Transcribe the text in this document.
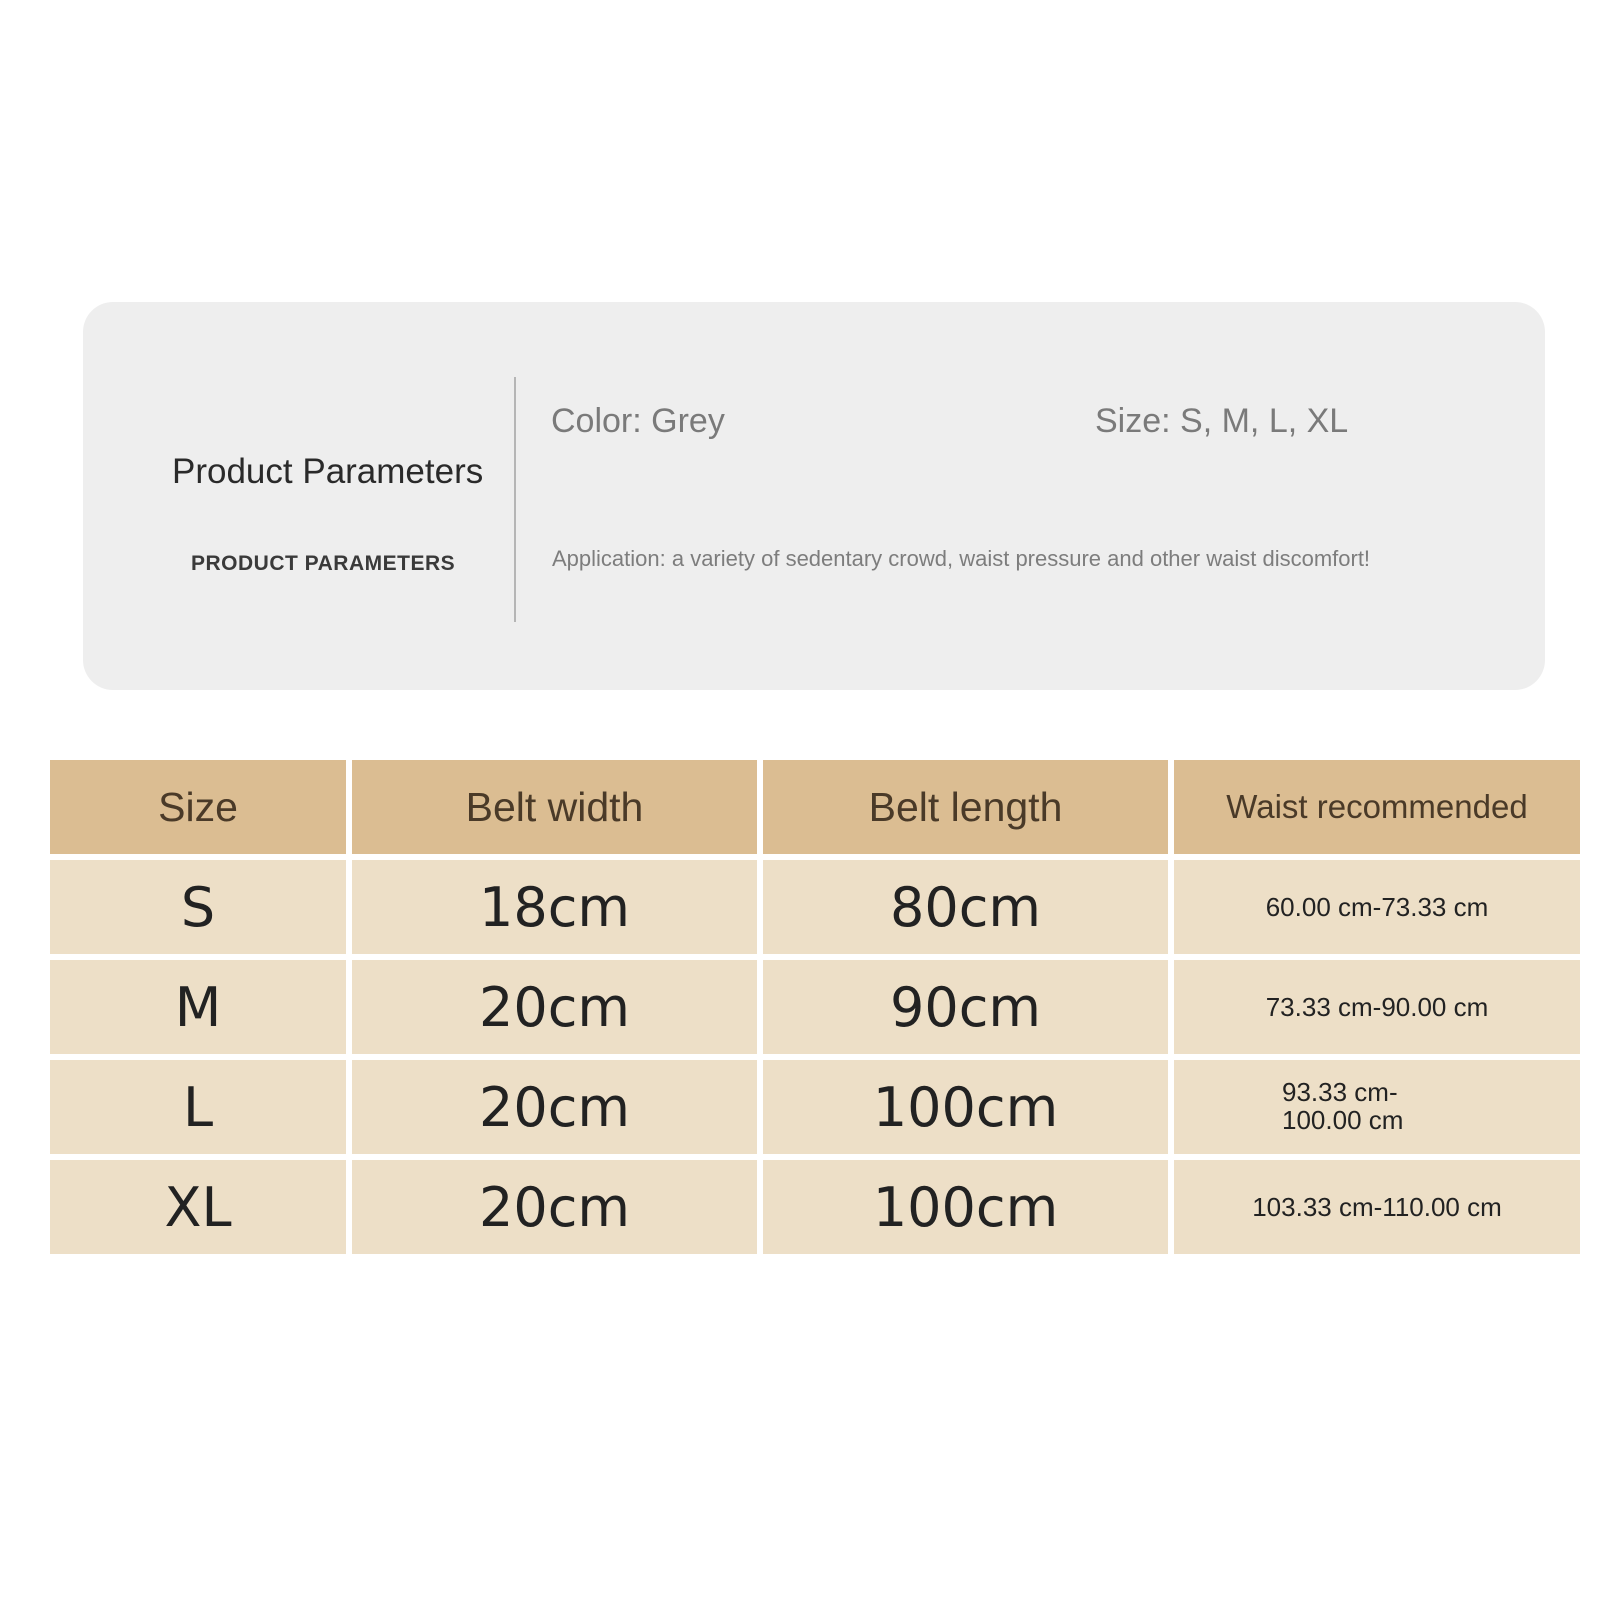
Product Parameters
PRODUCT PARAMETERS
Color: Grey	Size: S, M, L, XL
Application: a variety of sedentary crowd, waist pressure and other waist discomfort!
Size	Belt width	Belt length	Waist recommended
S	18cm	80cm	60.00 cm-73.33 cm
M	20cm	90cm	73.33 cm-90.00 cm
L	20cm	100cm	93.33 cm-100.00 cm
XL	20cm	100cm	103.33 cm-110.00 cm
